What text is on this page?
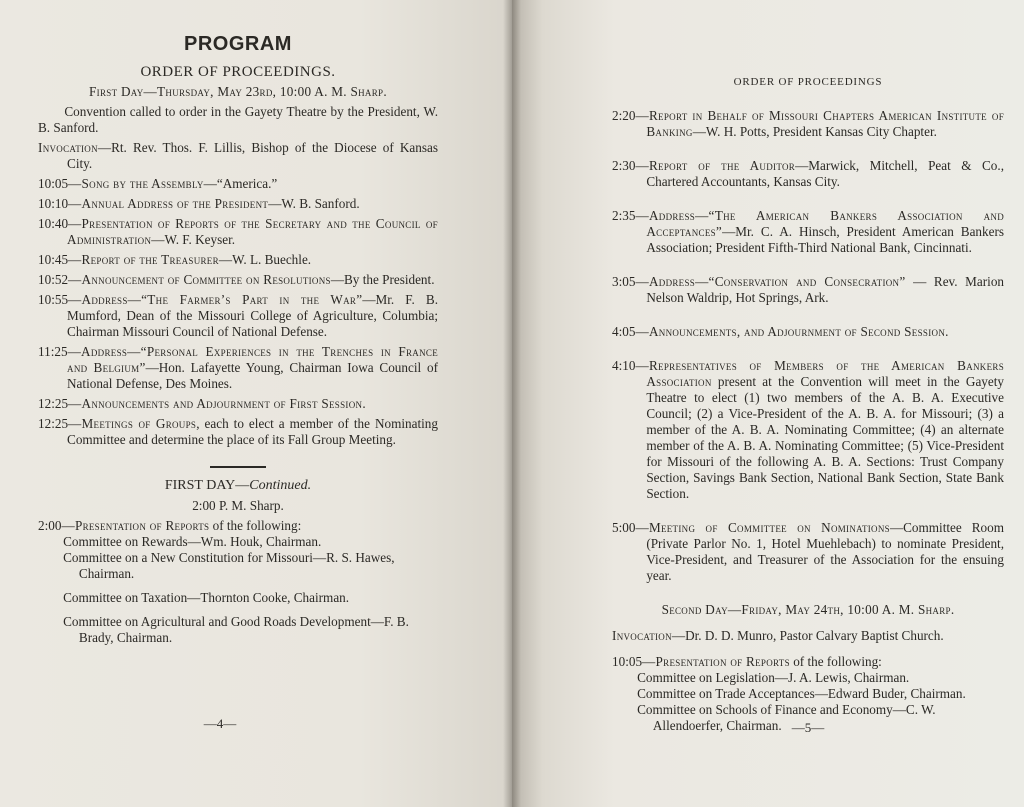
PROGRAM
ORDER OF PROCEEDINGS.
First Day—Thursday, May 23rd, 10:00 A. M. Sharp.

Convention called to order in the Gayety Theatre by the President, W. B. Sanford.

Invocation—Rt. Rev. Thos. F. Lillis, Bishop of the Diocese of Kansas City.
10:05—Song by the Assembly—“America.”
10:10—Annual Address of the President—W. B. Sanford.
10:40—Presentation of Reports of the Secretary and the Council of Administration—W. F. Keyser.
10:45—Report of the Treasurer—W. L. Buechle.
10:52—Announcement of Committee on Resolutions—By the President.
10:55—Address—“The Farmer’s Part in the War”—Mr. F. B. Mumford, Dean of the Missouri College of Agriculture, Columbia; Chairman Missouri Council of National Defense.
11:25—Address—“Personal Experiences in the Trenches in France and Belgium”—Hon. Lafayette Young, Chairman Iowa Council of National Defense, Des Moines.
12:25—Announcements and Adjournment of First Session.
12:25—Meetings of Groups, each to elect a member of the Nominating Committee and determine the place of its Fall Group Meeting.
FIRST DAY—Continued.
2:00 P. M. Sharp.
2:00—Presentation of Reports of the following:
Committee on Rewards—Wm. Houk, Chairman.
Committee on a New Constitution for Missouri—R. S. Hawes, Chairman.
Committee on Taxation—Thornton Cooke, Chairman.
Committee on Agricultural and Good Roads Development—F. B. Brady, Chairman.
—4—
ORDER OF PROCEEDINGS
2:20—Report in Behalf of Missouri Chapters American Institute of Banking—W. H. Potts, President Kansas City Chapter.
2:30—Report of the Auditor—Marwick, Mitchell, Peat & Co., Chartered Accountants, Kansas City.
2:35—Address—“The American Bankers Association and Acceptances”—Mr. C. A. Hinsch, President American Bankers Association; President Fifth-Third National Bank, Cincinnati.
3:05—Address—“Conservation and Consecration” — Rev. Marion Nelson Waldrip, Hot Springs, Ark.
4:05—Announcements, and Adjournment of Second Session.
4:10—Representatives of Members of the American Bankers Association present at the Convention will meet in the Gayety Theatre to elect (1) two members of the A. B. A. Executive Council; (2) a Vice-President of the A. B. A. for Missouri; (3) a member of the A. B. A. Nominating Committee; (4) an alternate member of the A. B. A. Nominating Committee; (5) Vice-President for Missouri of the following A. B. A. Sections: Trust Company Section, Savings Bank Section, National Bank Section, State Bank Section.
5:00—Meeting of Committee on Nominations—Committee Room (Private Parlor No. 1, Hotel Muehlebach) to nominate President, Vice-President, and Treasurer of the Association for the ensuing year.
Second Day—Friday, May 24th, 10:00 A. M. Sharp.
Invocation—Dr. D. D. Munro, Pastor Calvary Baptist Church.
10:05—Presentation of Reports of the following:
Committee on Legislation—J. A. Lewis, Chairman.
Committee on Trade Acceptances—Edward Buder, Chairman.
Committee on Schools of Finance and Economy—C. W. Allendoerfer, Chairman. —5—
